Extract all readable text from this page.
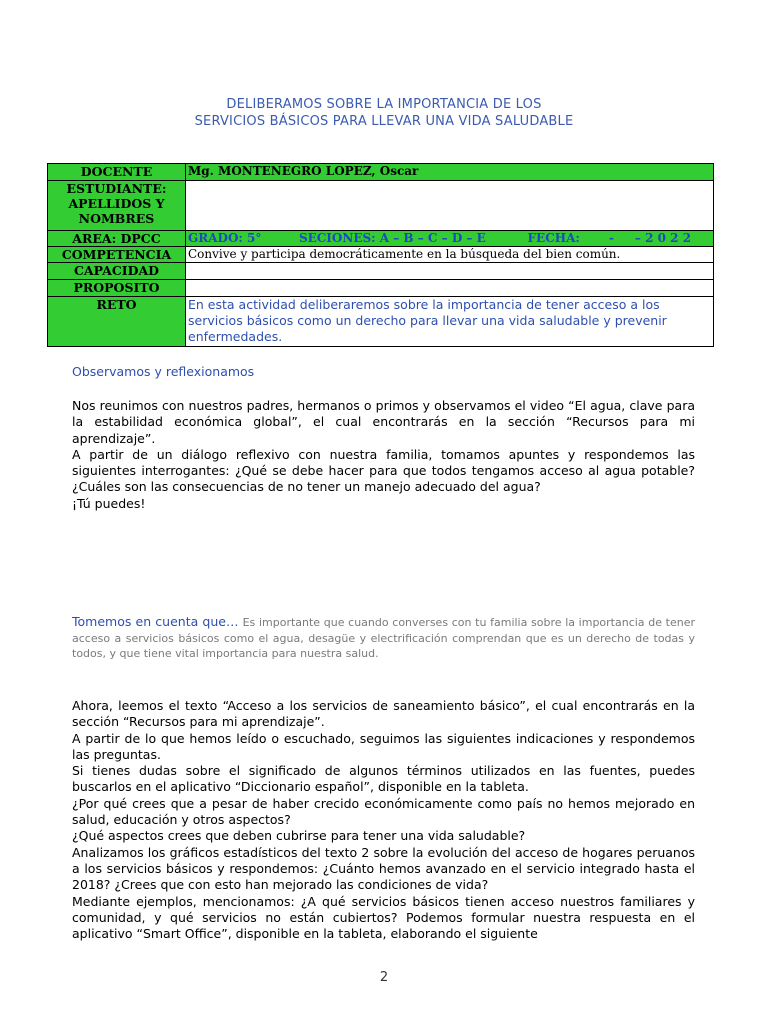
DELIBERAMOS SOBRE LA IMPORTANCIA DE LOS
SERVICIOS BÁSICOS PARA LLEVAR UNA VIDA SALUDABLE
DOCENTE	Mg. MONTENEGRO LOPEZ, Oscar

ESTUDIANTE:
APELLIDOS Y
NOMBRES	

AREA: DPCC	GRADO: 5°         SECIONES: A – B – C – D – E          FECHA:       -     – 2 0 2 2
COMPETENCIA	Convive y participa democráticamente en la búsqueda del bien común.
CAPACIDAD	
PROPOSITO	
RETO	En esta actividad deliberaremos sobre la importancia de tener acceso a los servicios básicos como un derecho para llevar una vida saludable y prevenir enfermedades.
Observamos y reflexionamos

Nos reunimos con nuestros padres, hermanos o primos y observamos el video “El agua, clave para la estabilidad económica global”, el cual encontrarás en la sección “Recursos para mi aprendizaje”.

A partir de un diálogo reflexivo con nuestra familia, tomamos apuntes y respondemos las siguientes interrogantes: ¿Qué se debe hacer para que todos tengamos acceso al agua potable? ¿Cuáles son las consecuencias de no tener un manejo adecuado del agua?

¡Tú puedes!

Tomemos en cuenta que… Es importante que cuando converses con tu familia sobre la importancia de tener acceso a servicios básicos como el agua, desagüe y electrificación comprendan que es un derecho de todas y todos, y que tiene vital importancia para nuestra salud.

Ahora, leemos el texto “Acceso a los servicios de saneamiento básico”, el cual encontrarás en la sección “Recursos para mi aprendizaje”.

A partir de lo que hemos leído o escuchado, seguimos las siguientes indicaciones y respondemos las preguntas.

Si tienes dudas sobre el significado de algunos términos utilizados en las fuentes, puedes buscarlos en el aplicativo “Diccionario español”, disponible en la tableta.

¿Por qué crees que a pesar de haber crecido económicamente como país no hemos mejorado en salud, educación y otros aspectos?

¿Qué aspectos crees que deben cubrirse para tener una vida saludable?

Analizamos los gráficos estadísticos del texto 2 sobre la evolución del acceso de hogares peruanos a los servicios básicos y respondemos: ¿Cuánto hemos avanzado en el servicio integrado hasta el 2018? ¿Crees que con esto han mejorado las condiciones de vida?

Mediante ejemplos, mencionamos: ¿A qué servicios básicos tienen acceso nuestros familiares y comunidad, y qué servicios no están cubiertos? Podemos formular nuestra respuesta en el aplicativo “Smart Office”, disponible en la tableta, elaborando el siguiente

2
